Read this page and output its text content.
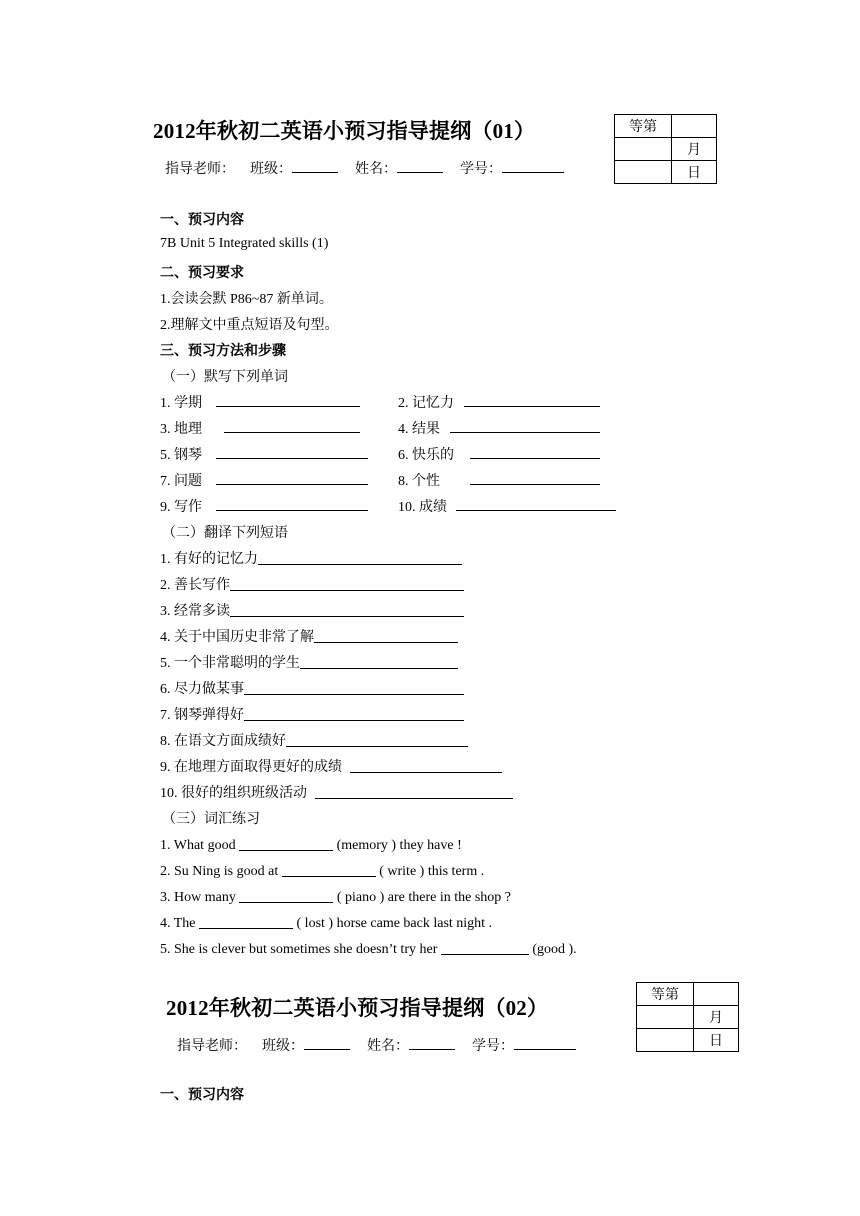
2012年秋初二英语小预习指导提纲（01）
指导老师： 班级：	姓名：	学号：
等第	
	月
	日
一、预习内容
7B Unit 5 Integrated skills (1)
二、预习要求
1.会读会默 P86~87 新单词。
2.理解文中重点短语及句型。
三、预习方法和步骤
（一）默写下列单词
1. 学期	2. 记忆力
3. 地理	4. 结果
5. 钢琴	6. 快乐的
7. 问题	8. 个性
9. 写作	10. 成绩
（二）翻译下列短语
1. 有好的记忆力
2. 善长写作
3. 经常多读
4. 关于中国历史非常了解
5. 一个非常聪明的学生
6. 尽力做某事
7. 钢琴弹得好
8. 在语文方面成绩好
9. 在地理方面取得更好的成绩
10. 很好的组织班级活动
（三）词汇练习
1. What good	(memory ) they have !
2. Su Ning is good at	( write ) this term .
3. How many	( piano ) are there in the shop ?
4. The	( lost ) horse came back last night .
5. She is clever but sometimes she doesn’t try her	(good ).
2012年秋初二英语小预习指导提纲（02）
指导老师： 班级：	姓名：	学号：
等第	
	月
	日
一、预习内容
